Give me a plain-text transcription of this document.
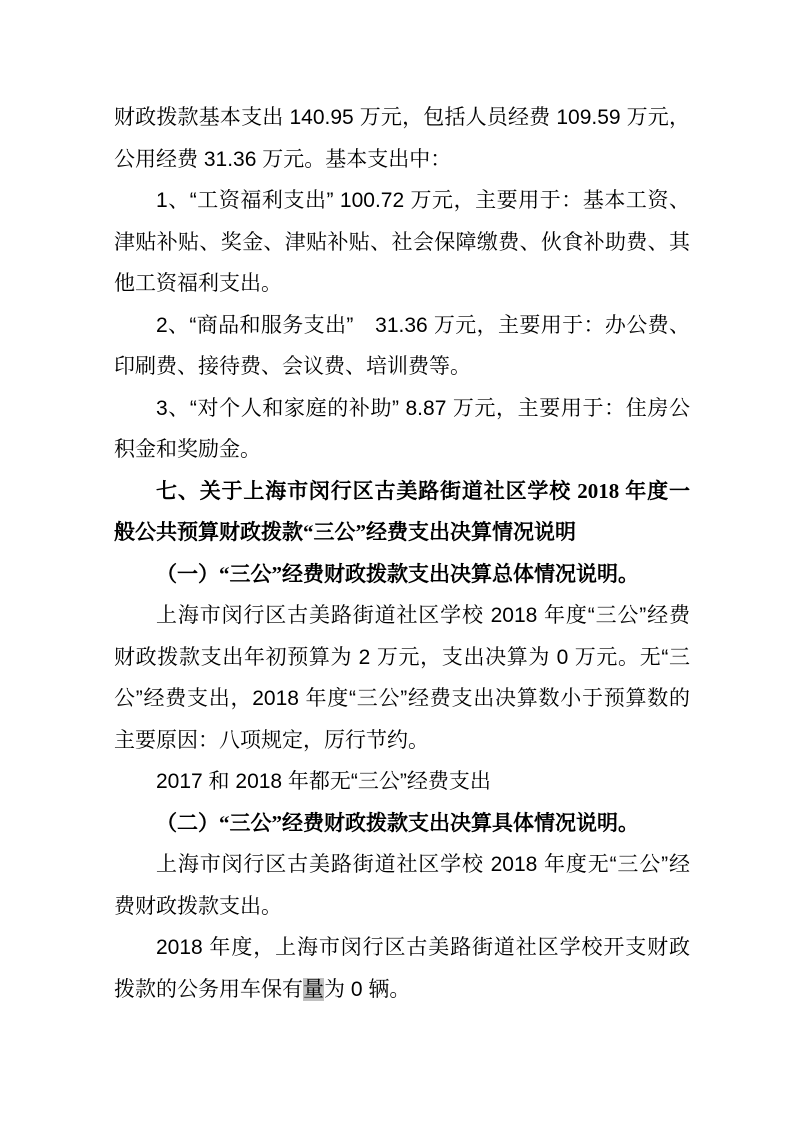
财政拨款基本支出 140.95 万元，包括人员经费 109.59 万元，公用经费 31.36 万元。基本支出中：

1、“工资福利支出” 100.72 万元，主要用于：基本工资、津贴补贴、奖金、津贴补贴、社会保障缴费、伙食补助费、其他工资福利支出。

2、“商品和服务支出”　31.36 万元，主要用于：办公费、印刷费、接待费、会议费、培训费等。

3、“对个人和家庭的补助” 8.87 万元，主要用于：住房公积金和奖励金。

七、关于上海市闵行区古美路街道社区学校 2018 年度一般公共预算财政拨款“三公”经费支出决算情况说明

（一）“三公”经费财政拨款支出决算总体情况说明。

上海市闵行区古美路街道社区学校 2018 年度“三公”经费财政拨款支出年初预算为 2 万元，支出决算为 0 万元。无“三公”经费支出，2018 年度“三公”经费支出决算数小于预算数的主要原因：八项规定，厉行节约。

2017 和 2018 年都无“三公”经费支出

（二）“三公”经费财政拨款支出决算具体情况说明。

上海市闵行区古美路街道社区学校 2018 年度无“三公”经费财政拨款支出。

2018 年度，上海市闵行区古美路街道社区学校开支财政拨款的公务用车保有量为 0 辆。
